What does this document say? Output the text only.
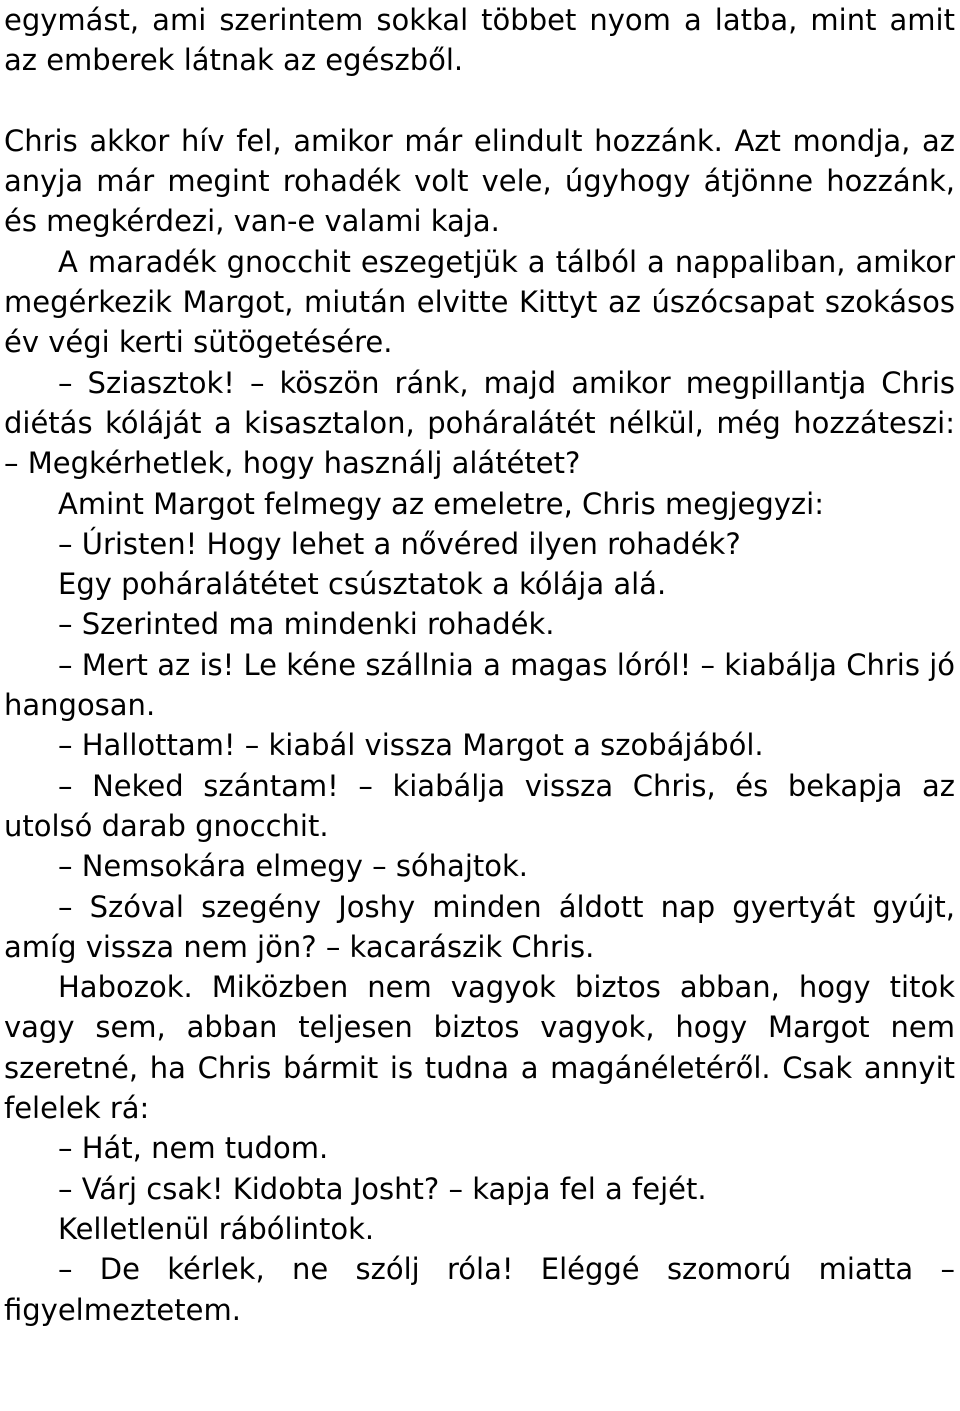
egymást, ami szerintem sokkal többet nyom a latba, mint amit az emberek látnak az egészből.

Chris akkor hív fel, amikor már elindult hozzánk. Azt mondja, az anyja már megint rohadék volt vele, úgyhogy átjönne hozzánk, és megkérdezi, van-e valami kaja.

A maradék gnocchit eszegetjük a tálból a nappaliban, amikor megérkezik Margot, miután elvitte Kittyt az úszócsapat szokásos év végi kerti sütögetésére.

– Sziasztok! – köszön ránk, majd amikor megpillantja Chris diétás kóláját a kisasztalon, poháralátét nélkül, még hozzáteszi: – Megkérhetlek, hogy használj alátétet?

Amint Margot felmegy az emeletre, Chris megjegyzi:

– Úristen! Hogy lehet a nővéred ilyen rohadék?

Egy poháralátétet csúsztatok a kólája alá.

– Szerinted ma mindenki rohadék.

– Mert az is! Le kéne szállnia a magas lóról! – kiabálja Chris jó hangosan.

– Hallottam! – kiabál vissza Margot a szobájából.

– Neked szántam! – kiabálja vissza Chris, és bekapja az utolsó darab gnocchit.

– Nemsokára elmegy – sóhajtok.

– Szóval szegény Joshy minden áldott nap gyertyát gyújt, amíg vissza nem jön? – kacarászik Chris.

Habozok. Miközben nem vagyok biztos abban, hogy titok vagy sem, abban teljesen biztos vagyok, hogy Margot nem szeretné, ha Chris bármit is tudna a magánéletéről. Csak annyit felelek rá:

– Hát, nem tudom.

– Várj csak! Kidobta Josht? – kapja fel a fejét.

Kelletlenül rábólintok.

– De kérlek, ne szólj róla! Eléggé szomorú miatta – figyelmeztetem.
